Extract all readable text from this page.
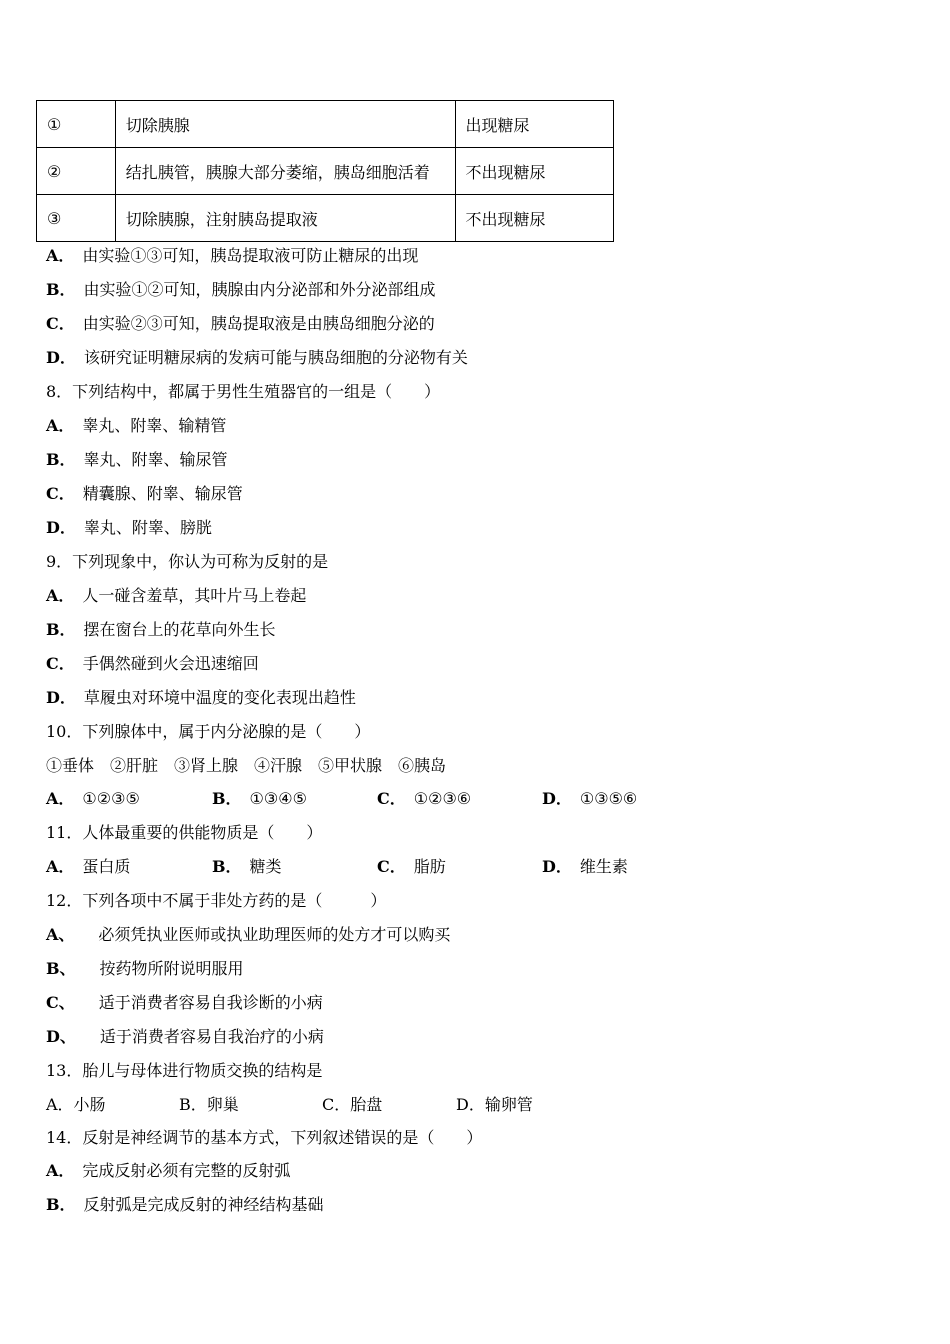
①	切除胰腺	出现糖尿
②	结扎胰管，胰腺大部分萎缩，胰岛细胞活着	不出现糖尿
③	切除胰腺，注射胰岛提取液	不出现糖尿
A． 由实验①③可知，胰岛提取液可防止糖尿的出现
B． 由实验①②可知，胰腺由内分泌部和外分泌部组成
C． 由实验②③可知，胰岛提取液是由胰岛细胞分泌的
D． 该研究证明糖尿病的发病可能与胰岛细胞的分泌物有关
8．下列结构中，都属于男性生殖器官的一组是（　　）
A． 睾丸、附睾、输精管
B． 睾丸、附睾、输尿管
C． 精囊腺、附睾、输尿管
D． 睾丸、附睾、膀胱
9．下列现象中，你认为可称为反射的是
A． 人一碰含羞草，其叶片马上卷起
B． 摆在窗台上的花草向外生长
C． 手偶然碰到火会迅速缩回
D． 草履虫对环境中温度的变化表现出趋性
10．下列腺体中，属于内分泌腺的是（　　）
①垂体　②肝脏　③肾上腺　④汗腺　⑤甲状腺　⑥胰岛
A． ①②③⑤	B． ①③④⑤	C． ①②③⑥	D． ①③⑤⑥
11．人体最重要的供能物质是（　　）
A． 蛋白质	B． 糖类	C． 脂肪	D． 维生素
12．下列各项中不属于非处方药的是（　　　）
A、 必须凭执业医师或执业助理医师的处方才可以购买
B、 按药物所附说明服用
C、 适于消费者容易自我诊断的小病
D、 适于消费者容易自我治疗的小病
13．胎儿与母体进行物质交换的结构是
A．小肠	B．卵巢	C．胎盘	D．输卵管
14．反射是神经调节的基本方式，下列叙述错误的是（　　）
A． 完成反射必须有完整的反射弧
B． 反射弧是完成反射的神经结构基础
